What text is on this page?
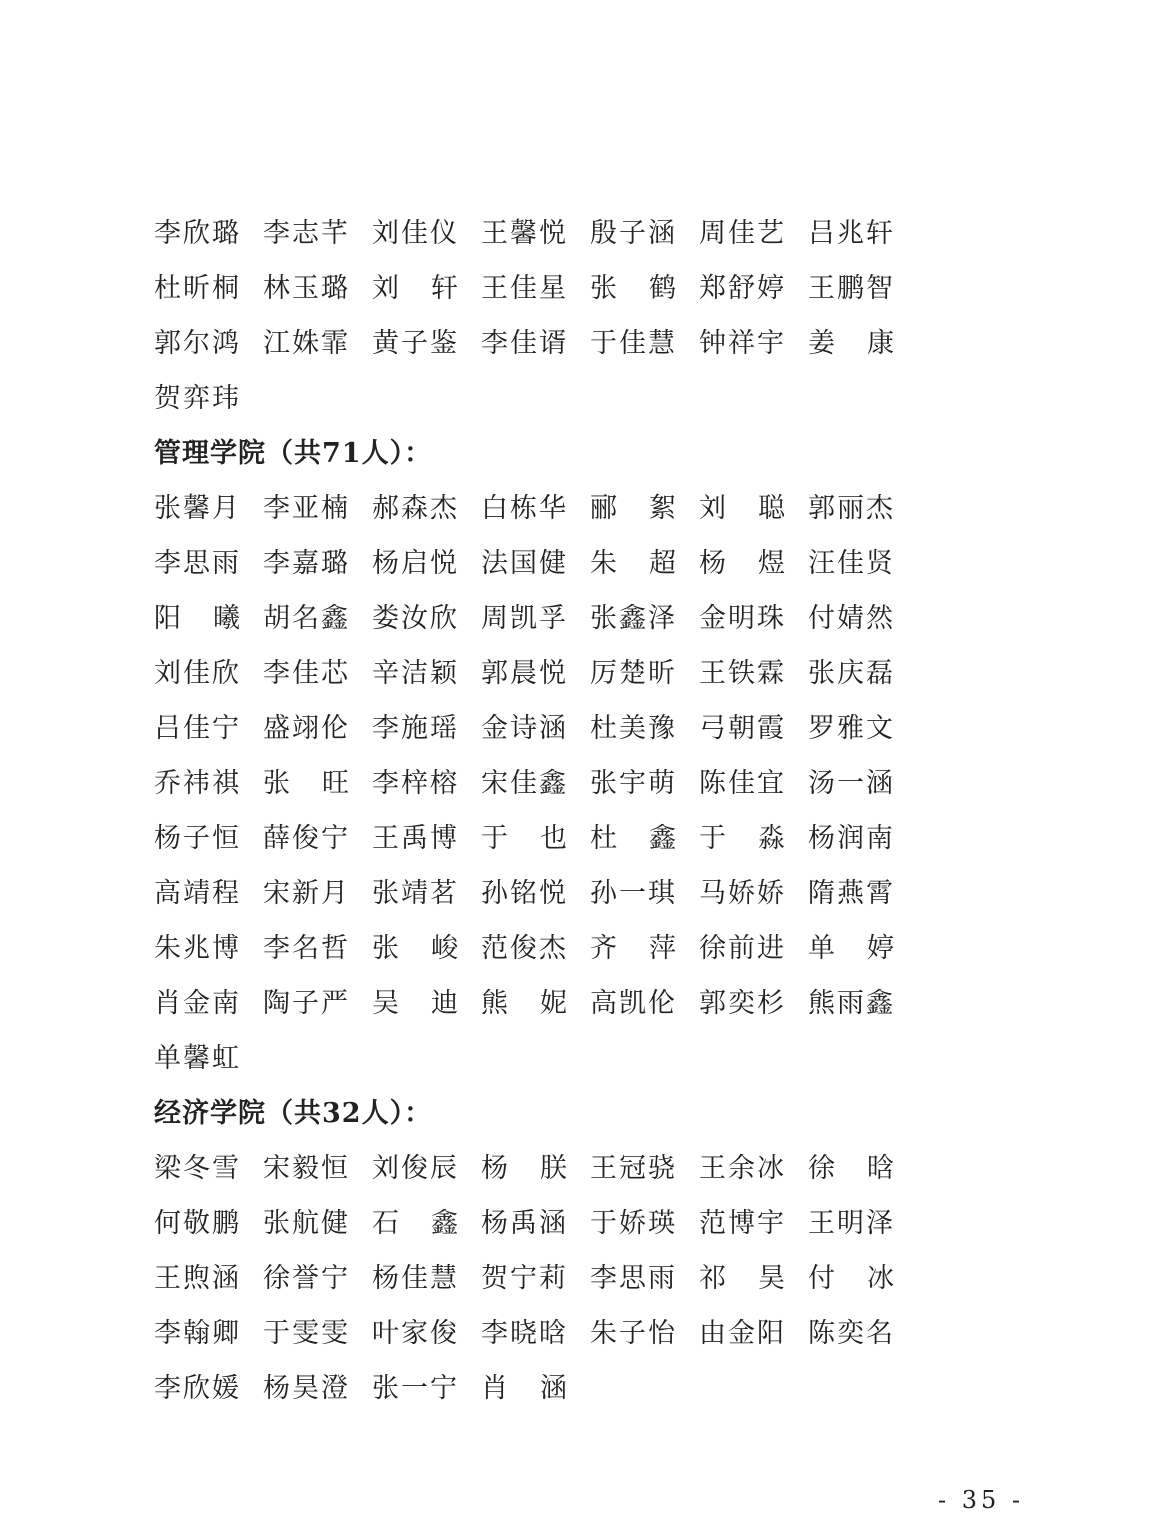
李欣璐 李志芊 刘佳仪 王馨悦 殷子涵 周佳艺 吕兆轩
杜昕桐 林玉璐 刘 轩 王佳星 张 鹤 郑舒婷 王鹏智
郭尔鸿 江姝霏 黄子鉴 李佳谞 于佳慧 钟祥宇 姜 康
贺弈玮
管理学院（共71人）：
张馨月 李亚楠 郝森杰 白栋华 郦 絮 刘 聪 郭丽杰
李思雨 李嘉璐 杨启悦 法国健 朱 超 杨 煜 汪佳贤
阳 曦 胡名鑫 娄汝欣 周凯孚 张鑫泽 金明珠 付婧然
刘佳欣 李佳芯 辛洁颖 郭晨悦 厉楚昕 王铁霖 张庆磊
吕佳宁 盛翊伦 李施瑶 金诗涵 杜美豫 弓朝霞 罗雅文
乔祎祺 张 旺 李梓榕 宋佳鑫 张宇萌 陈佳宜 汤一涵
杨子恒 薛俊宁 王禹博 于 也 杜 鑫 于 淼 杨润南
高靖程 宋新月 张靖茗 孙铭悦 孙一琪 马娇娇 隋燕霄
朱兆博 李名哲 张 峻 范俊杰 齐 萍 徐前进 单 婷
肖金南 陶子严 吴 迪 熊 妮 高凯伦 郭奕杉 熊雨鑫
单馨虹
经济学院（共32人）：
梁冬雪 宋毅恒 刘俊辰 杨 朕 王冠骁 王余冰 徐 晗
何敬鹏 张航健 石 鑫 杨禹涵 于娇瑛 范博宇 王明泽
王煦涵 徐誉宁 杨佳慧 贺宁莉 李思雨 祁 昊 付 冰
李翰卿 于雯雯 叶家俊 李晓晗 朱子怡 由金阳 陈奕名
李欣媛 杨昊澄 张一宁 肖 涵
- 35 -
